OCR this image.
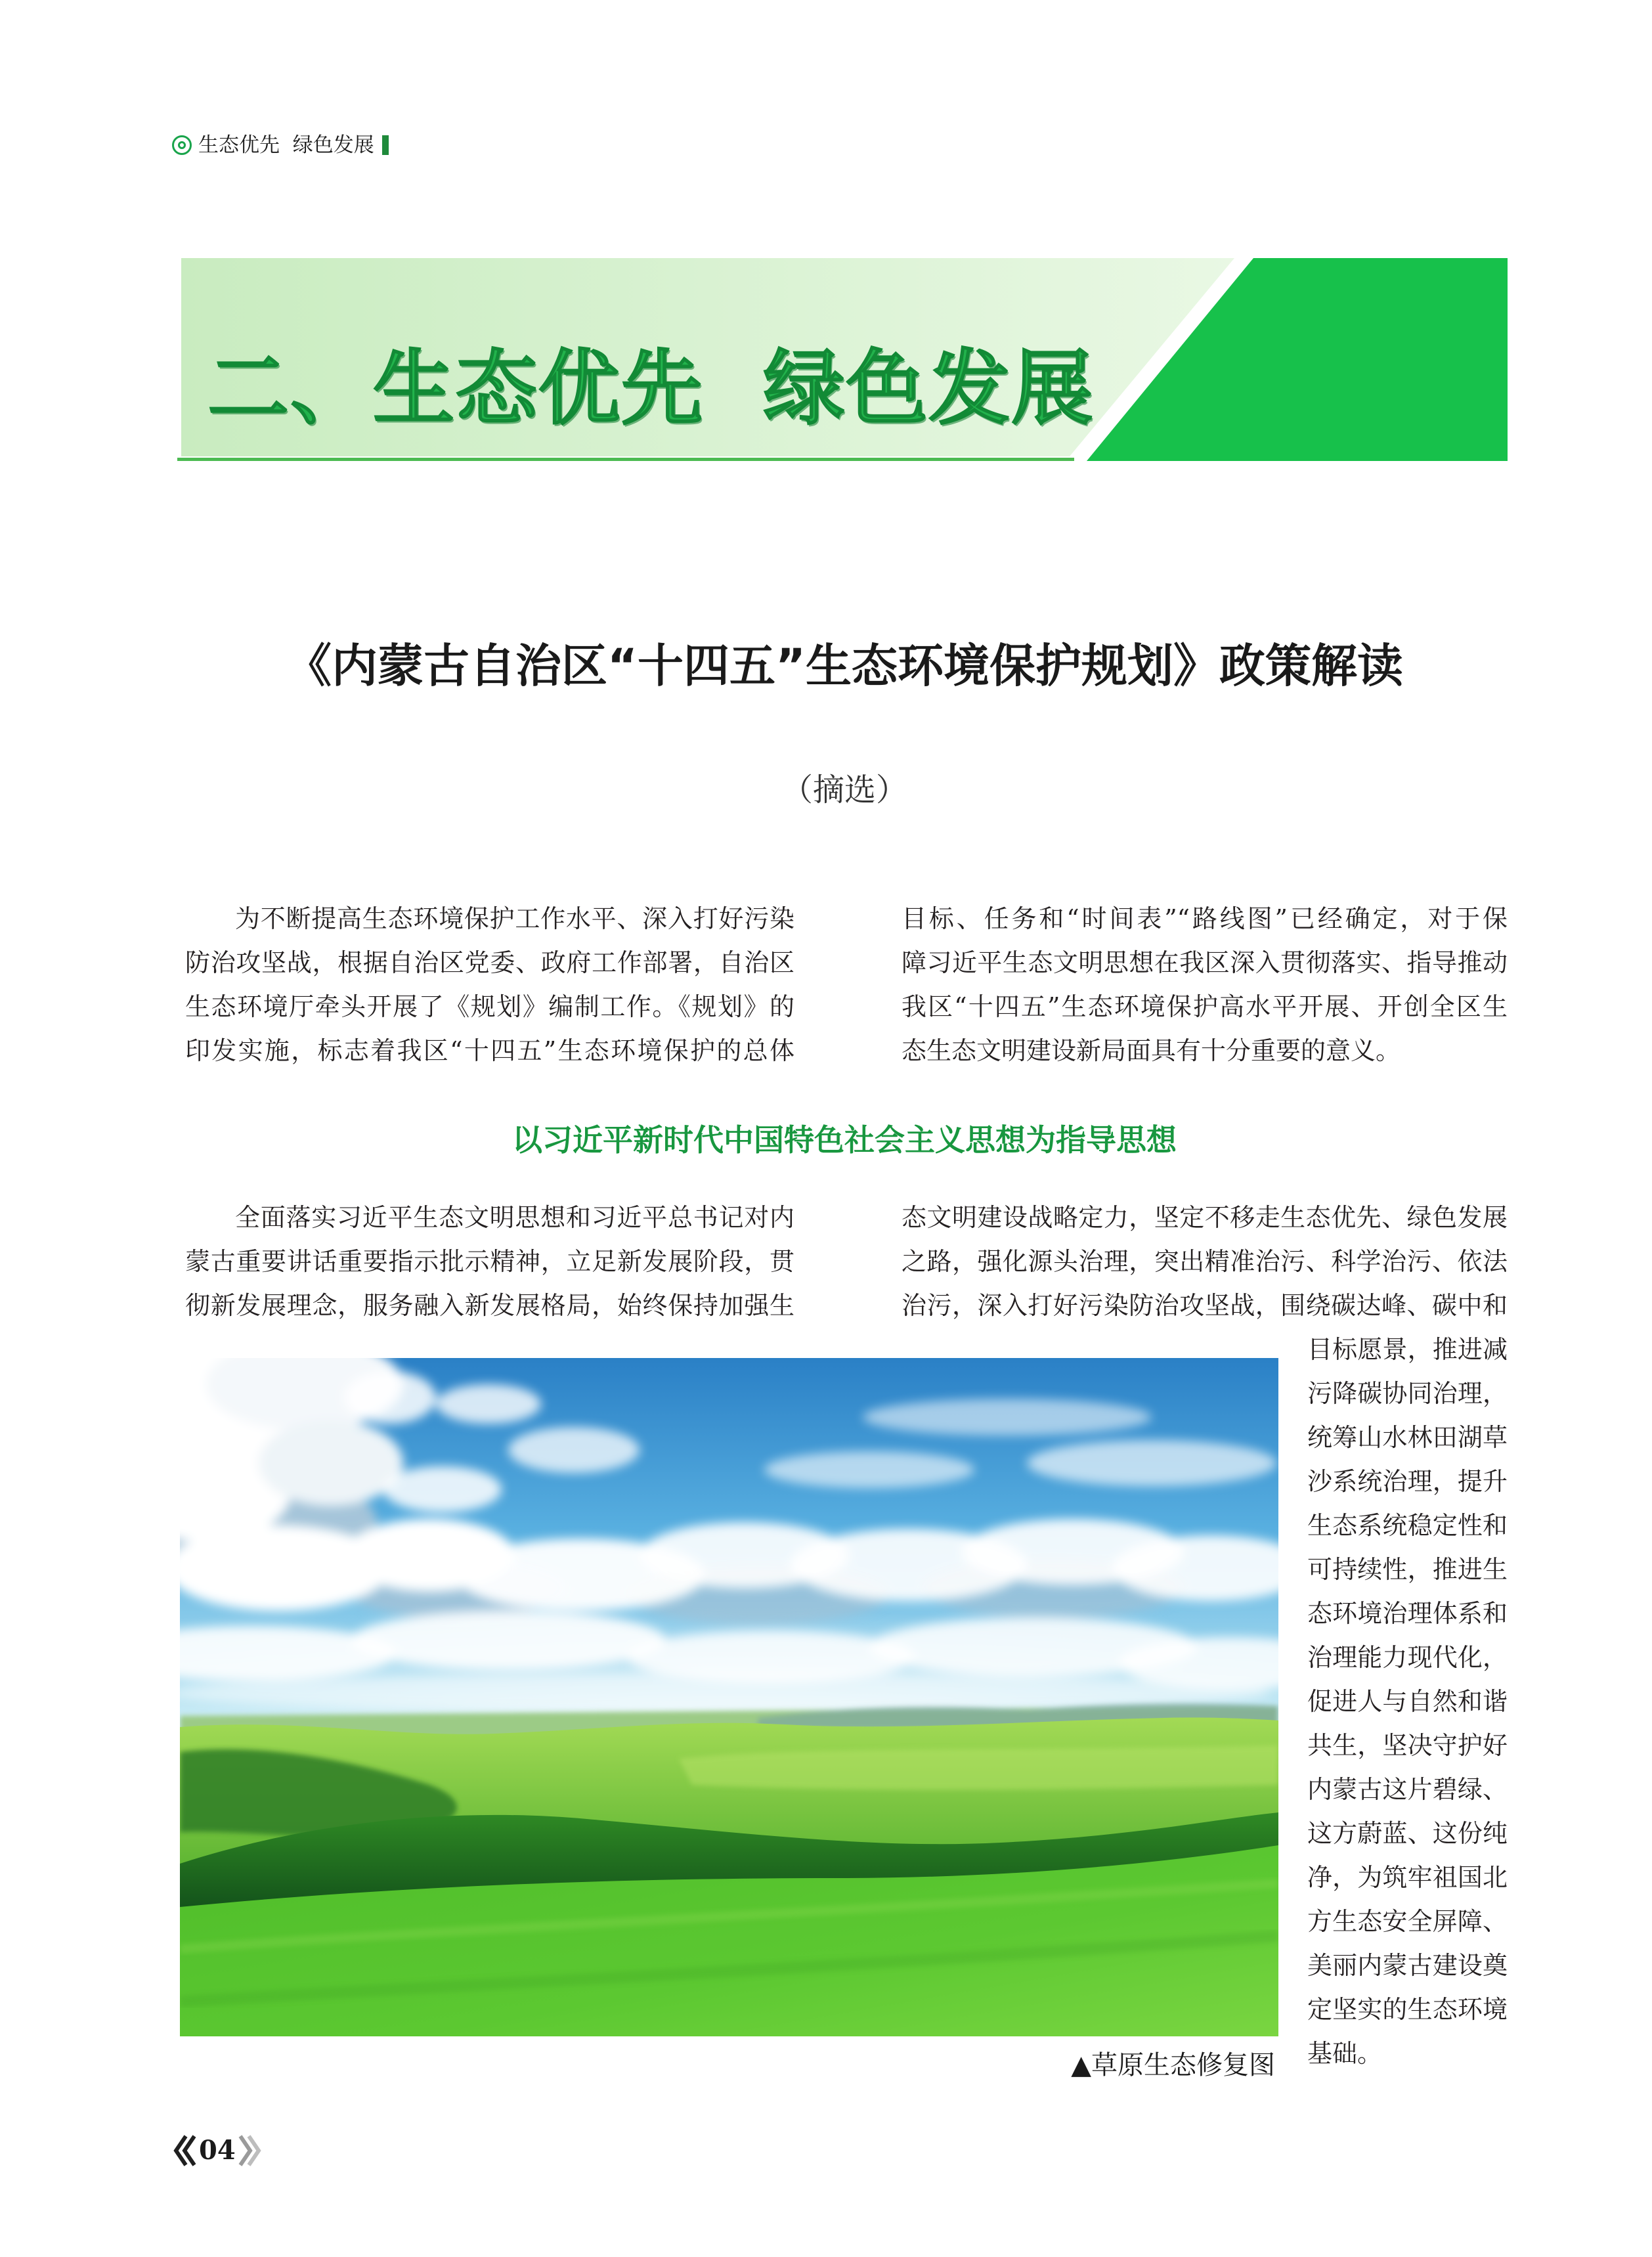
生态优先  绿色发展
二、生态优先  绿色发展
《内蒙古自治区“十四五”生态环境保护规划》政策解读
（摘选）
为不断提高生态环境保护工作水平、深入打好污染
防治攻坚战，根据自治区党委、政府工作部署，自治区
生态环境厅牵头开展了《规划》编制工作。《规划》的
印发实施，标志着我区“十四五”生态环境保护的总体
目标、任务和“时间表”“路线图”已经确定，对于保
障习近平生态文明思想在我区深入贯彻落实、指导推动
我区“十四五”生态环境保护高水平开展、开创全区生
态生态文明建设新局面具有十分重要的意义。
以习近平新时代中国特色社会主义思想为指导思想
全面落实习近平生态文明思想和习近平总书记对内
蒙古重要讲话重要指示批示精神，立足新发展阶段，贯
彻新发展理念，服务融入新发展格局，始终保持加强生
态文明建设战略定力，坚定不移走生态优先、绿色发展
之路，强化源头治理，突出精准治污、科学治污、依法
治污，深入打好污染防治攻坚战，围绕碳达峰、碳中和
目标愿景，推进减
污降碳协同治理，
统筹山水林田湖草
沙系统治理，提升
生态系统稳定性和
可持续性，推进生
态环境治理体系和
治理能力现代化，
促进人与自然和谐
共生，坚决守护好
内蒙古这片碧绿、
这方蔚蓝、这份纯
净，为筑牢祖国北
方生态安全屏障、
美丽内蒙古建设奠
定坚实的生态环境
基础。
▲草原生态修复图
04
